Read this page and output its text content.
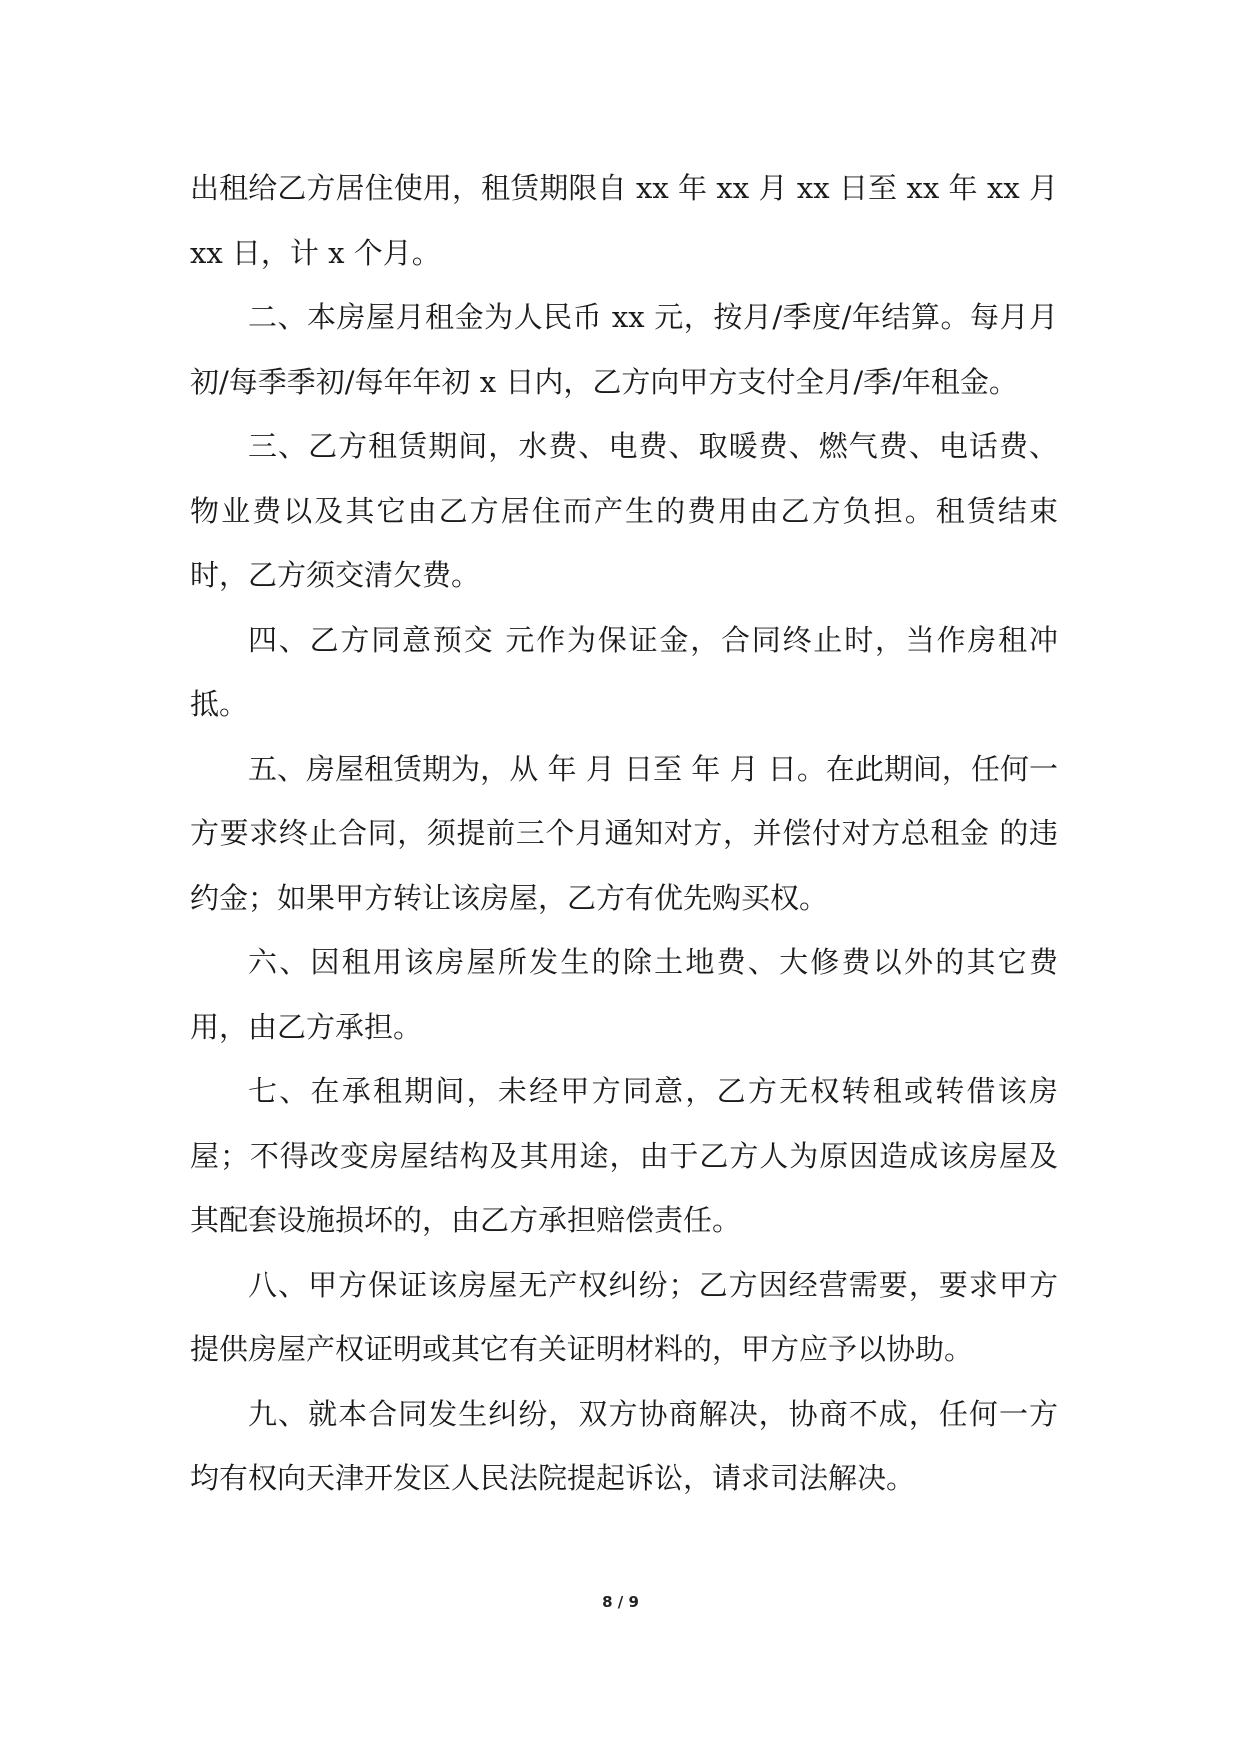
出租给乙方居住使用，租赁期限自 xx 年 xx 月 xx 日至 xx 年 xx 月 xx 日，计 x 个月。

二、本房屋月租金为人民币 xx 元，按月/季度/年结算。每月月初/每季季初/每年年初 x 日内，乙方向甲方支付全月/季/年租金。

三、乙方租赁期间，水费、电费、取暖费、燃气费、电话费、物业费以及其它由乙方居住而产生的费用由乙方负担。租赁结束时，乙方须交清欠费。

四、乙方同意预交 元作为保证金，合同终止时，当作房租冲抵。

五、房屋租赁期为，从 年 月 日至 年 月 日。在此期间，任何一方要求终止合同，须提前三个月通知对方，并偿付对方总租金 的违约金；如果甲方转让该房屋，乙方有优先购买权。

六、因租用该房屋所发生的除土地费、大修费以外的其它费用，由乙方承担。

七、在承租期间，未经甲方同意，乙方无权转租或转借该房屋；不得改变房屋结构及其用途，由于乙方人为原因造成该房屋及其配套设施损坏的，由乙方承担赔偿责任。

八、甲方保证该房屋无产权纠纷；乙方因经营需要，要求甲方提供房屋产权证明或其它有关证明材料的，甲方应予以协助。

九、就本合同发生纠纷，双方协商解决，协商不成，任何一方均有权向天津开发区人民法院提起诉讼，请求司法解决。

8 / 9
